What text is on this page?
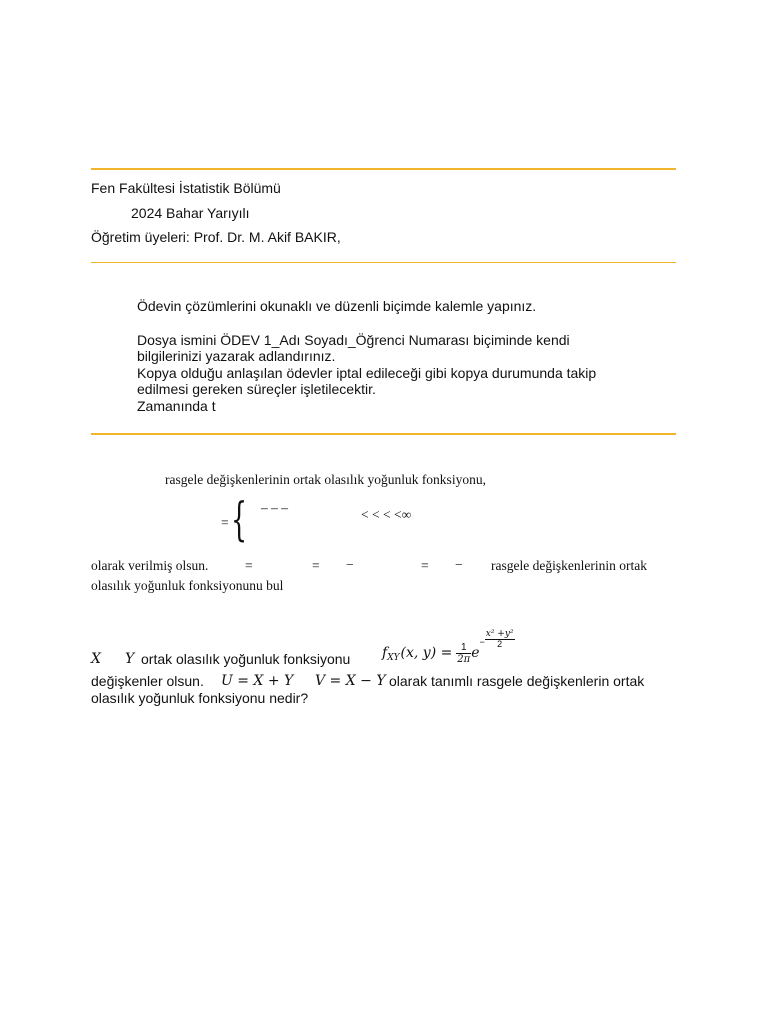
Fen Fakültesi İstatistik Bölümü
2024 Bahar Yarıyılı
Öğretim üyeleri: Prof. Dr. M. Akif BAKIR,
Ödevin çözümlerini okunaklı ve düzenli biçimde kalemle yapınız.
Dosya ismini ÖDEV 1_Adı Soyadı_Öğrenci Numarası biçiminde kendi
bilgilerinizi yazarak adlandırınız.
Kopya olduğu anlaşılan ödevler iptal edileceği gibi kopya durumunda takip
edilmesi gereken süreçler işletilecektir.
Zamanında t
rasgele değişkenlerinin ortak olasılık yoğunluk fonksiyonu,
= { – – –	< < < <∞
olarak verilmiş olsun.	=	= −	= − rasgele değişkenlerinin ortak
olasılık yoğunluk fonksiyonunu bul
X Y ortak olasılık yoğunluk fonksiyonu $f_{XY}(x$, $y) = \frac{1}{2\pi} e- \frac{\text{x² +y²}}{2}$
değişkenler olsun. U = X + Y V = X − Y olarak tanımlı rasgele değişkenlerin ortak
olasılık yoğunluk fonksiyonu nedir?
